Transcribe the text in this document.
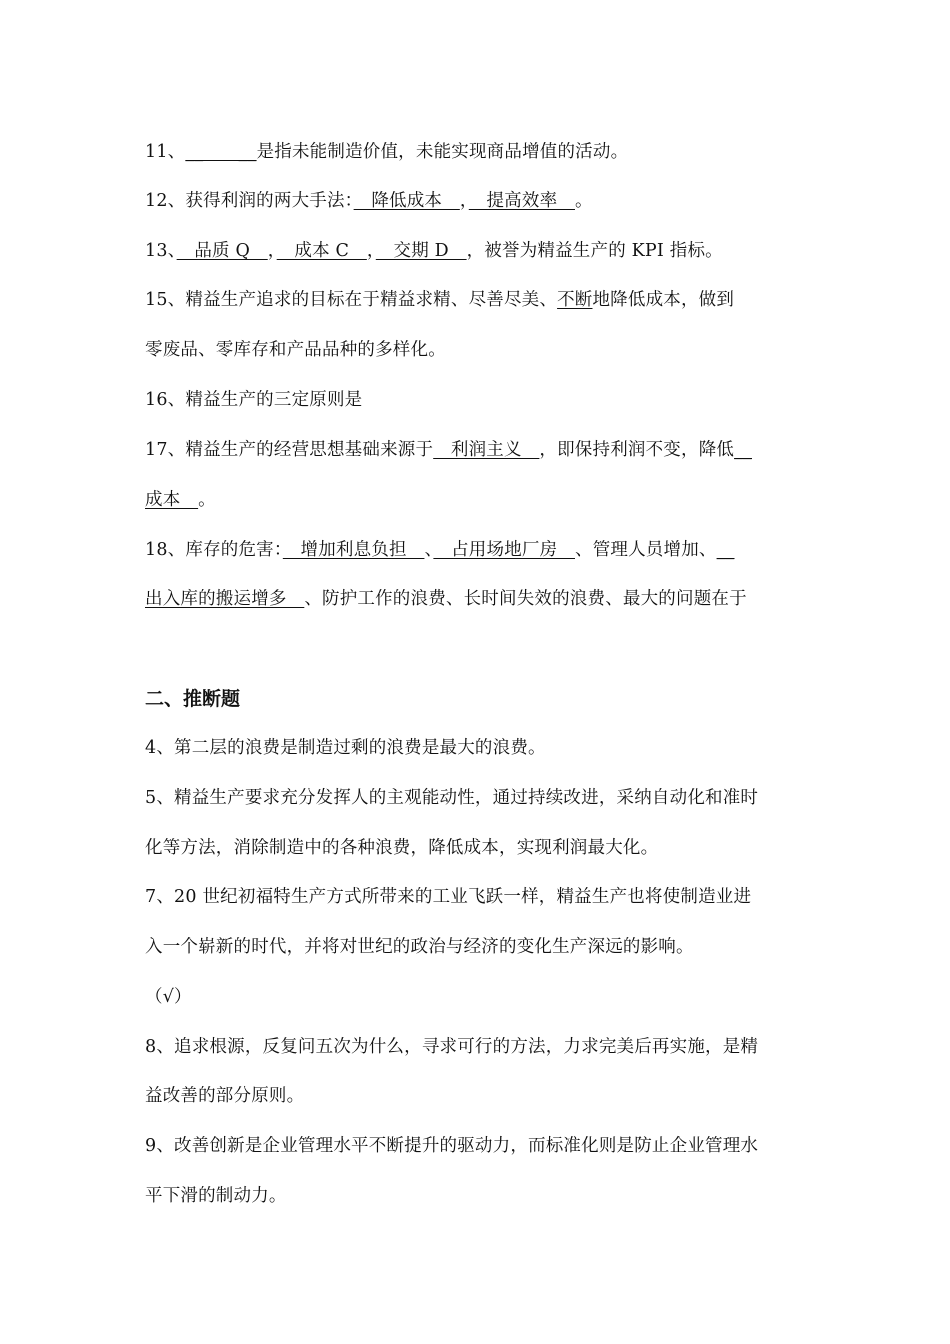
11、__　　__是指未能制造价值，未能实现商品增值的活动。
12、获得利润的两大手法：　降低成本　，　提高效率　。
13、　品质 Q　，　成本 C　，　交期 D　，被誉为精益生产的 KPI 指标。
15、精益生产追求的目标在于精益求精、尽善尽美、不断地降低成本，做到
零废品、零库存和产品品种的多样化。
16、精益生产的三定原则是
17、精益生产的经营思想基础来源于　利润主义　，即保持利润不变，降低__
成本　。
18、库存的危害：　增加利息负担　、　占用场地厂房　、管理人员增加、__
出入库的搬运增多　、防护工作的浪费、长时间失效的浪费、最大的问题在于
二、推断题
4、第二层的浪费是制造过剩的浪费是最大的浪费。
5、精益生产要求充分发挥人的主观能动性，通过持续改进，采纳自动化和准时
化等方法，消除制造中的各种浪费，降低成本，实现利润最大化。
7、20 世纪初福特生产方式所带来的工业飞跃一样，精益生产也将使制造业进
入一个崭新的时代，并将对世纪的政治与经济的变化生产深远的影响。
（√）
8、追求根源，反复问五次为什么，寻求可行的方法，力求完美后再实施，是精
益改善的部分原则。
9、改善创新是企业管理水平不断提升的驱动力，而标准化则是防止企业管理水
平下滑的制动力。
